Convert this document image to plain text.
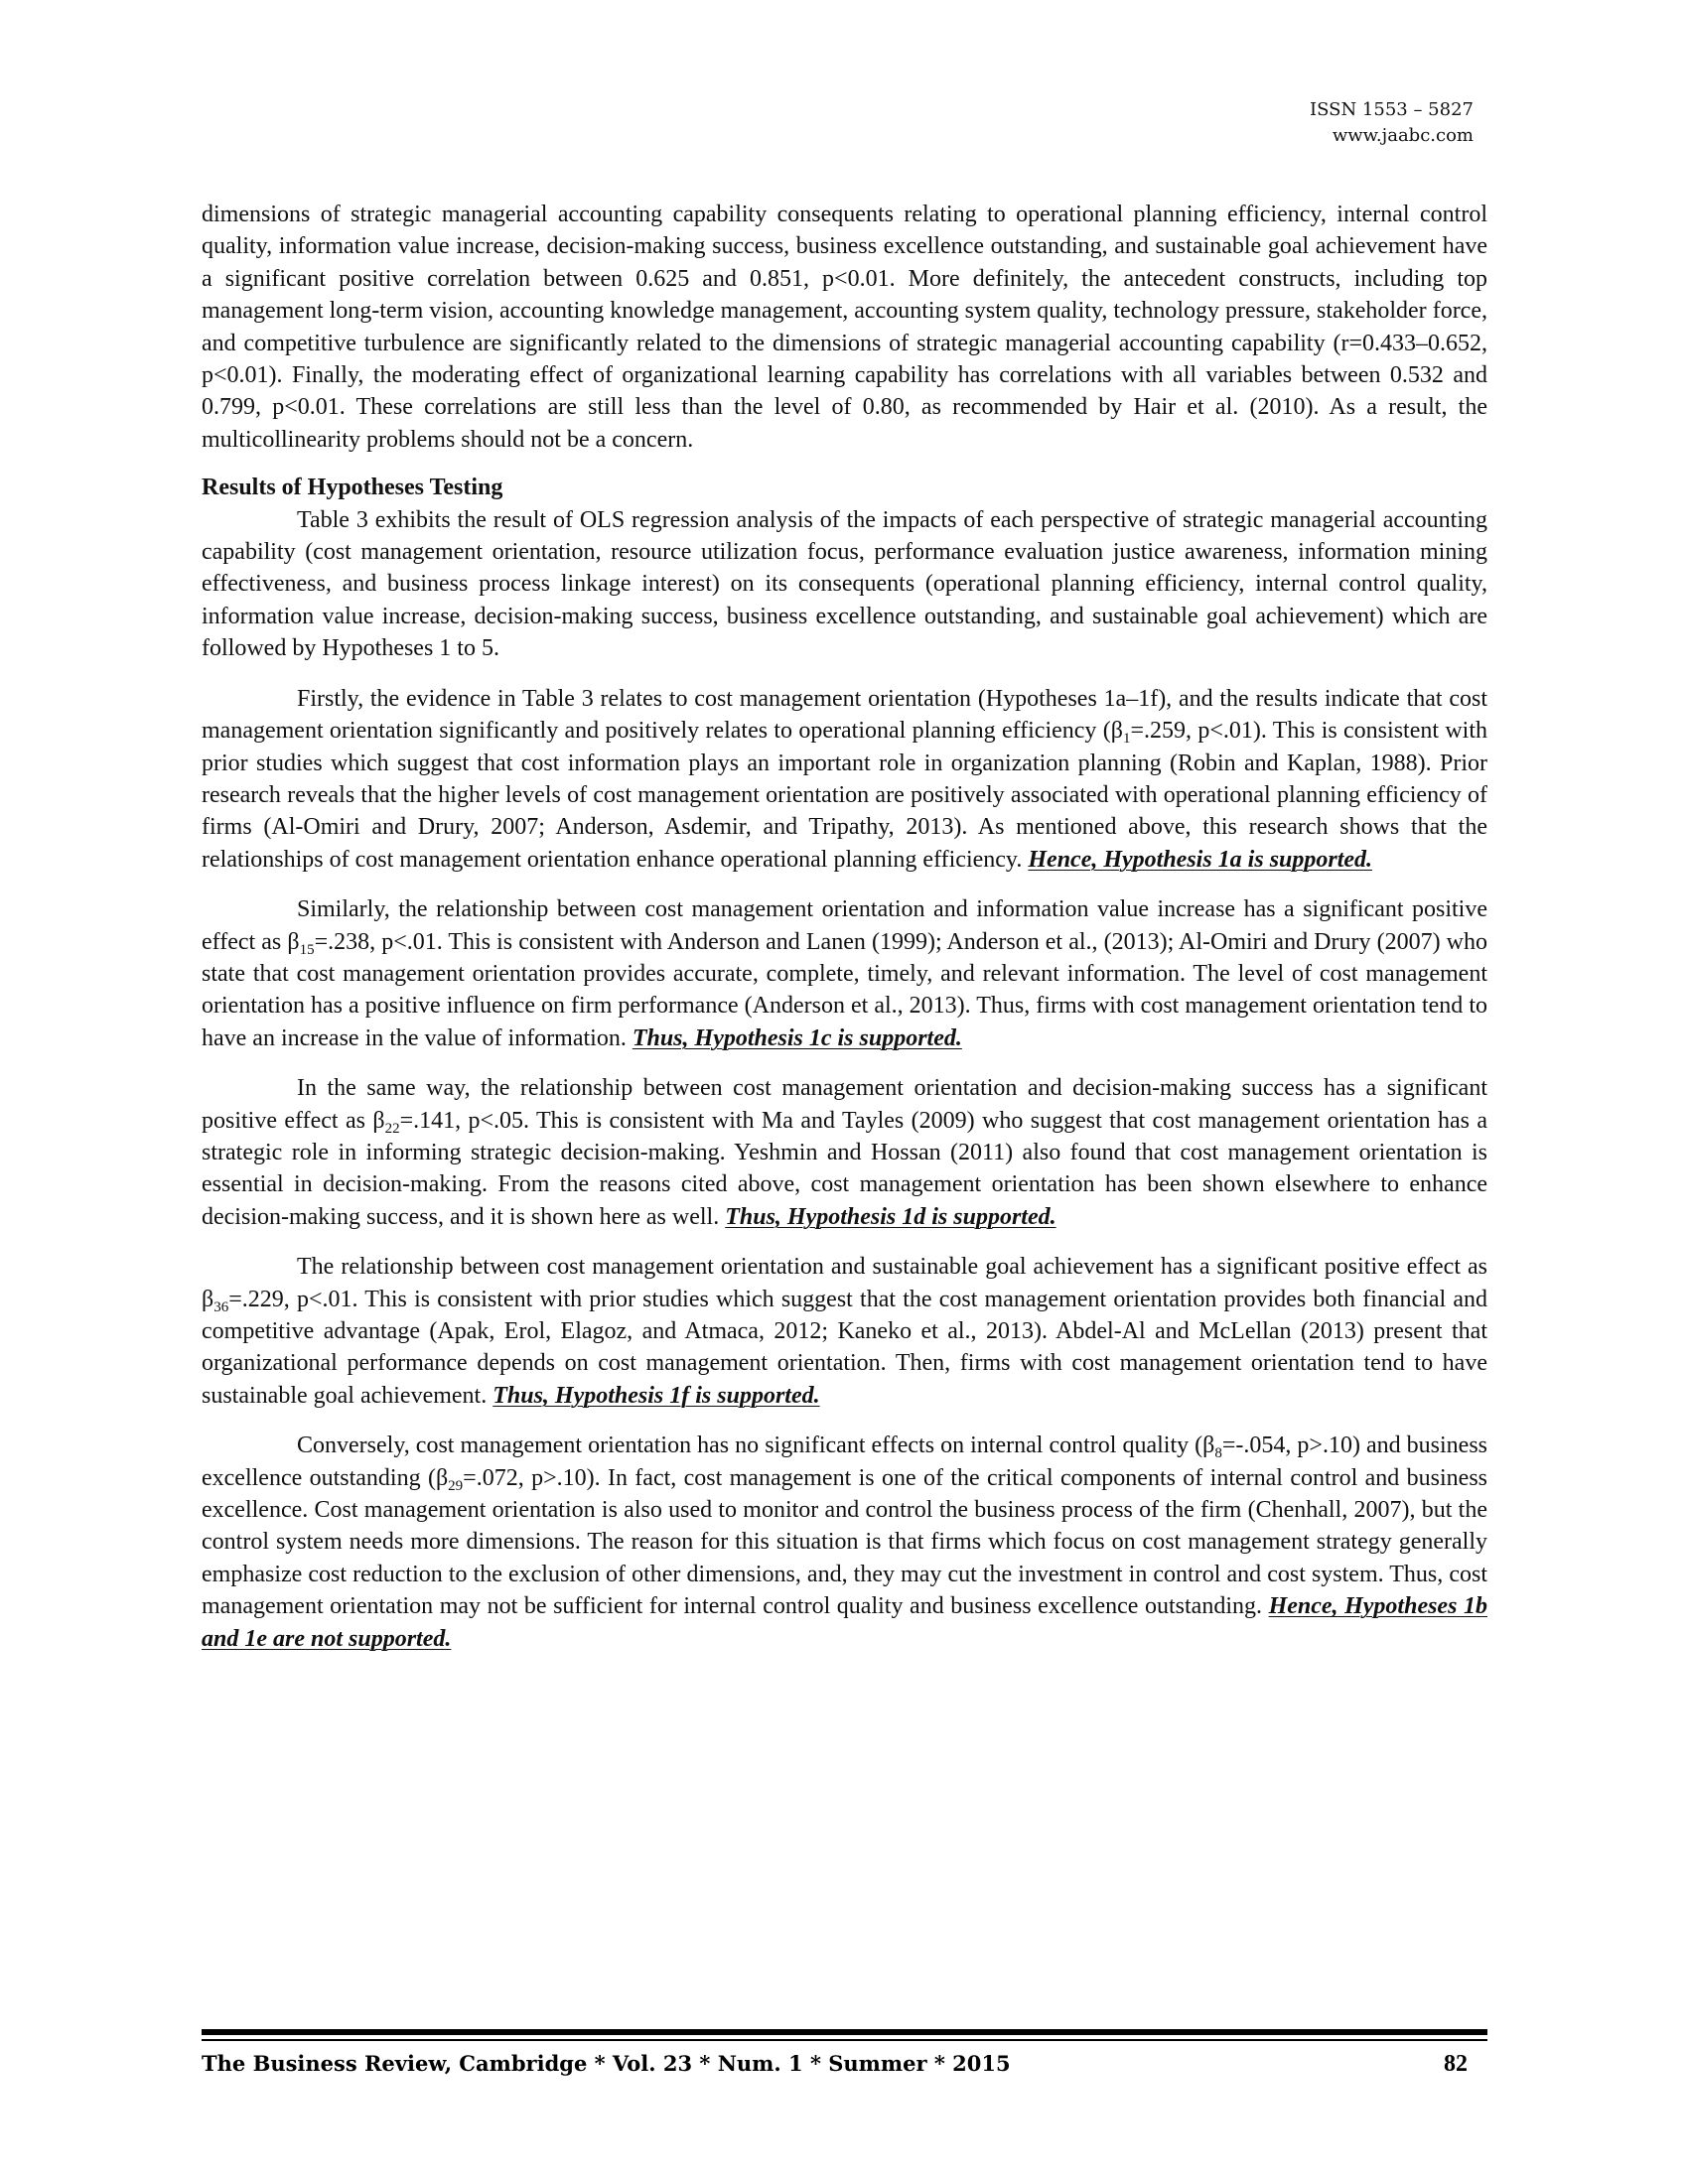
ISSN 1553 – 5827
www.jaabc.com

dimensions of strategic managerial accounting capability consequents relating to operational planning efficiency, internal control quality, information value increase, decision-making success, business excellence outstanding, and sustainable goal achievement have a significant positive correlation between 0.625 and 0.851, p<0.01. More definitely, the antecedent constructs, including top management long-term vision, accounting knowledge management, accounting system quality, technology pressure, stakeholder force, and competitive turbulence are significantly related to the dimensions of strategic managerial accounting capability (r=0.433–0.652, p<0.01). Finally, the moderating effect of organizational learning capability has correlations with all variables between 0.532 and 0.799, p<0.01. These correlations are still less than the level of 0.80, as recommended by Hair et al. (2010). As a result, the multicollinearity problems should not be a concern.

Results of Hypotheses Testing

Table 3 exhibits the result of OLS regression analysis of the impacts of each perspective of strategic managerial accounting capability (cost management orientation, resource utilization focus, performance evaluation justice awareness, information mining effectiveness, and business process linkage interest) on its consequents (operational planning efficiency, internal control quality, information value increase, decision-making success, business excellence outstanding, and sustainable goal achievement) which are followed by Hypotheses 1 to 5.

Firstly, the evidence in Table 3 relates to cost management orientation (Hypotheses 1a–1f), and the results indicate that cost management orientation significantly and positively relates to operational planning efficiency ($\beta_1=.259$, p<.01). This is consistent with prior studies which suggest that cost information plays an important role in organization planning (Robin and Kaplan, 1988). Prior research reveals that the higher levels of cost management orientation are positively associated with operational planning efficiency of firms (Al-Omiri and Drury, 2007; Anderson, Asdemir, and Tripathy, 2013). As mentioned above, this research shows that the relationships of cost management orientation enhance operational planning efficiency. Hence, Hypothesis 1a is supported.

Similarly, the relationship between cost management orientation and information value increase has a significant positive effect as $\beta_{15}=.238$, p<.01. This is consistent with Anderson and Lanen (1999); Anderson et al., (2013); Al-Omiri and Drury (2007) who state that cost management orientation provides accurate, complete, timely, and relevant information. The level of cost management orientation has a positive influence on firm performance (Anderson et al., 2013). Thus, firms with cost management orientation tend to have an increase in the value of information. Thus, Hypothesis 1c is supported.

In the same way, the relationship between cost management orientation and decision-making success has a significant positive effect as $\beta_{22}=.141$, p<.05. This is consistent with Ma and Tayles (2009) who suggest that cost management orientation has a strategic role in informing strategic decision-making. Yeshmin and Hossan (2011) also found that cost management orientation is essential in decision-making. From the reasons cited above, cost management orientation has been shown elsewhere to enhance decision-making success, and it is shown here as well. Thus, Hypothesis 1d is supported.

The relationship between cost management orientation and sustainable goal achievement has a significant positive effect as $\beta_{36}=.229$, p<.01. This is consistent with prior studies which suggest that the cost management orientation provides both financial and competitive advantage (Apak, Erol, Elagoz, and Atmaca, 2012; Kaneko et al., 2013). Abdel-Al and McLellan (2013) present that organizational performance depends on cost management orientation. Then, firms with cost management orientation tend to have sustainable goal achievement. Thus, Hypothesis 1f is supported.

Conversely, cost management orientation has no significant effects on internal control quality ($\beta_8=-.054$, p>.10) and business excellence outstanding ($\beta_{29}=.072$, p>.10). In fact, cost management is one of the critical components of internal control and business excellence. Cost management orientation is also used to monitor and control the business process of the firm (Chenhall, 2007), but the control system needs more dimensions. The reason for this situation is that firms which focus on cost management strategy generally emphasize cost reduction to the exclusion of other dimensions, and, they may cut the investment in control and cost system. Thus, cost management orientation may not be sufficient for internal control quality and business excellence outstanding. Hence, Hypotheses 1b and 1e are not supported.

The Business Review, Cambridge * Vol. 23 * Num. 1 * Summer * 2015	82
